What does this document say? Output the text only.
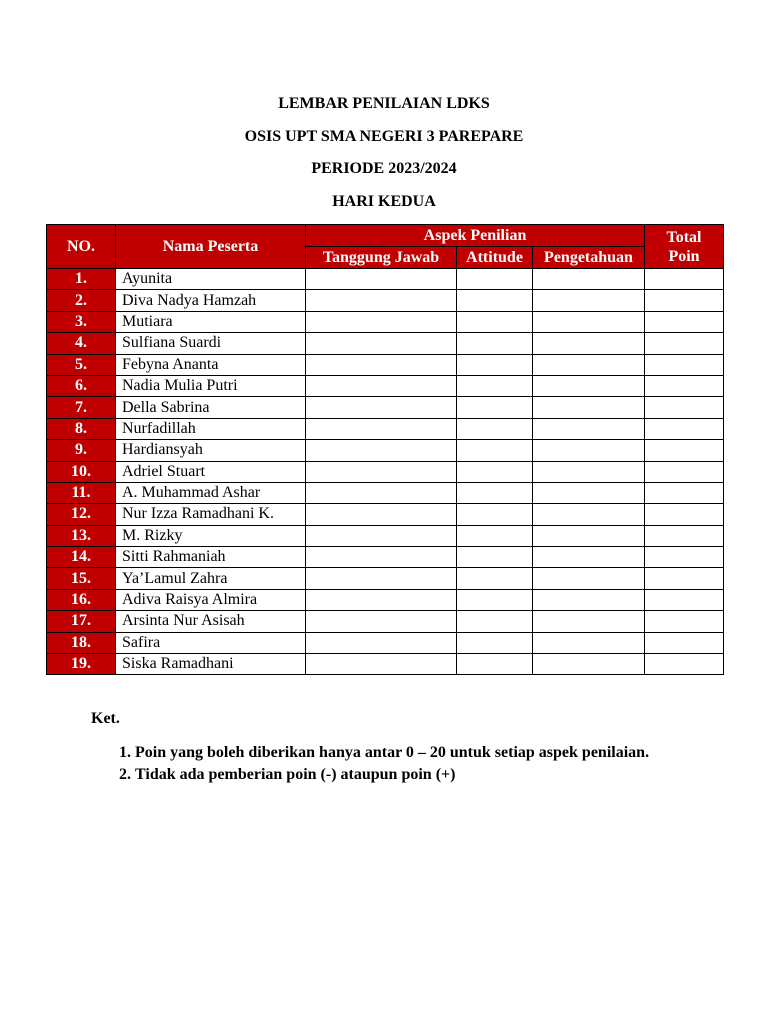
LEMBAR PENILAIAN LDKS
OSIS UPT SMA NEGERI 3 PAREPARE
PERIODE 2023/2024
HARI KEDUA
NO.	Nama Peserta	Aspek Penilian			Total
Poin

		Tanggung Jawab	Attitude	Pengetahuan	
1.	Ayunita				
2.	Diva Nadya Hamzah				
3.	Mutiara				
4.	Sulfiana Suardi				
5.	Febyna Ananta				
6.	Nadia Mulia Putri				
7.	Della Sabrina				
8.	Nurfadillah				
9.	Hardiansyah				
10.	Adriel Stuart				
11.	A. Muhammad Ashar				
12.	Nur Izza Ramadhani K.				
13.	M. Rizky				
14.	Sitti Rahmaniah				
15.	Ya’Lamul Zahra				
16.	Adiva Raisya Almira				
17.	Arsinta Nur Asisah				
18.	Safira				
19.	Siska Ramadhani				
Ket.
1. Poin yang boleh diberikan hanya antar 0 – 20 untuk setiap aspek penilaian.
2. Tidak ada pemberian poin (-) ataupun poin (+)
